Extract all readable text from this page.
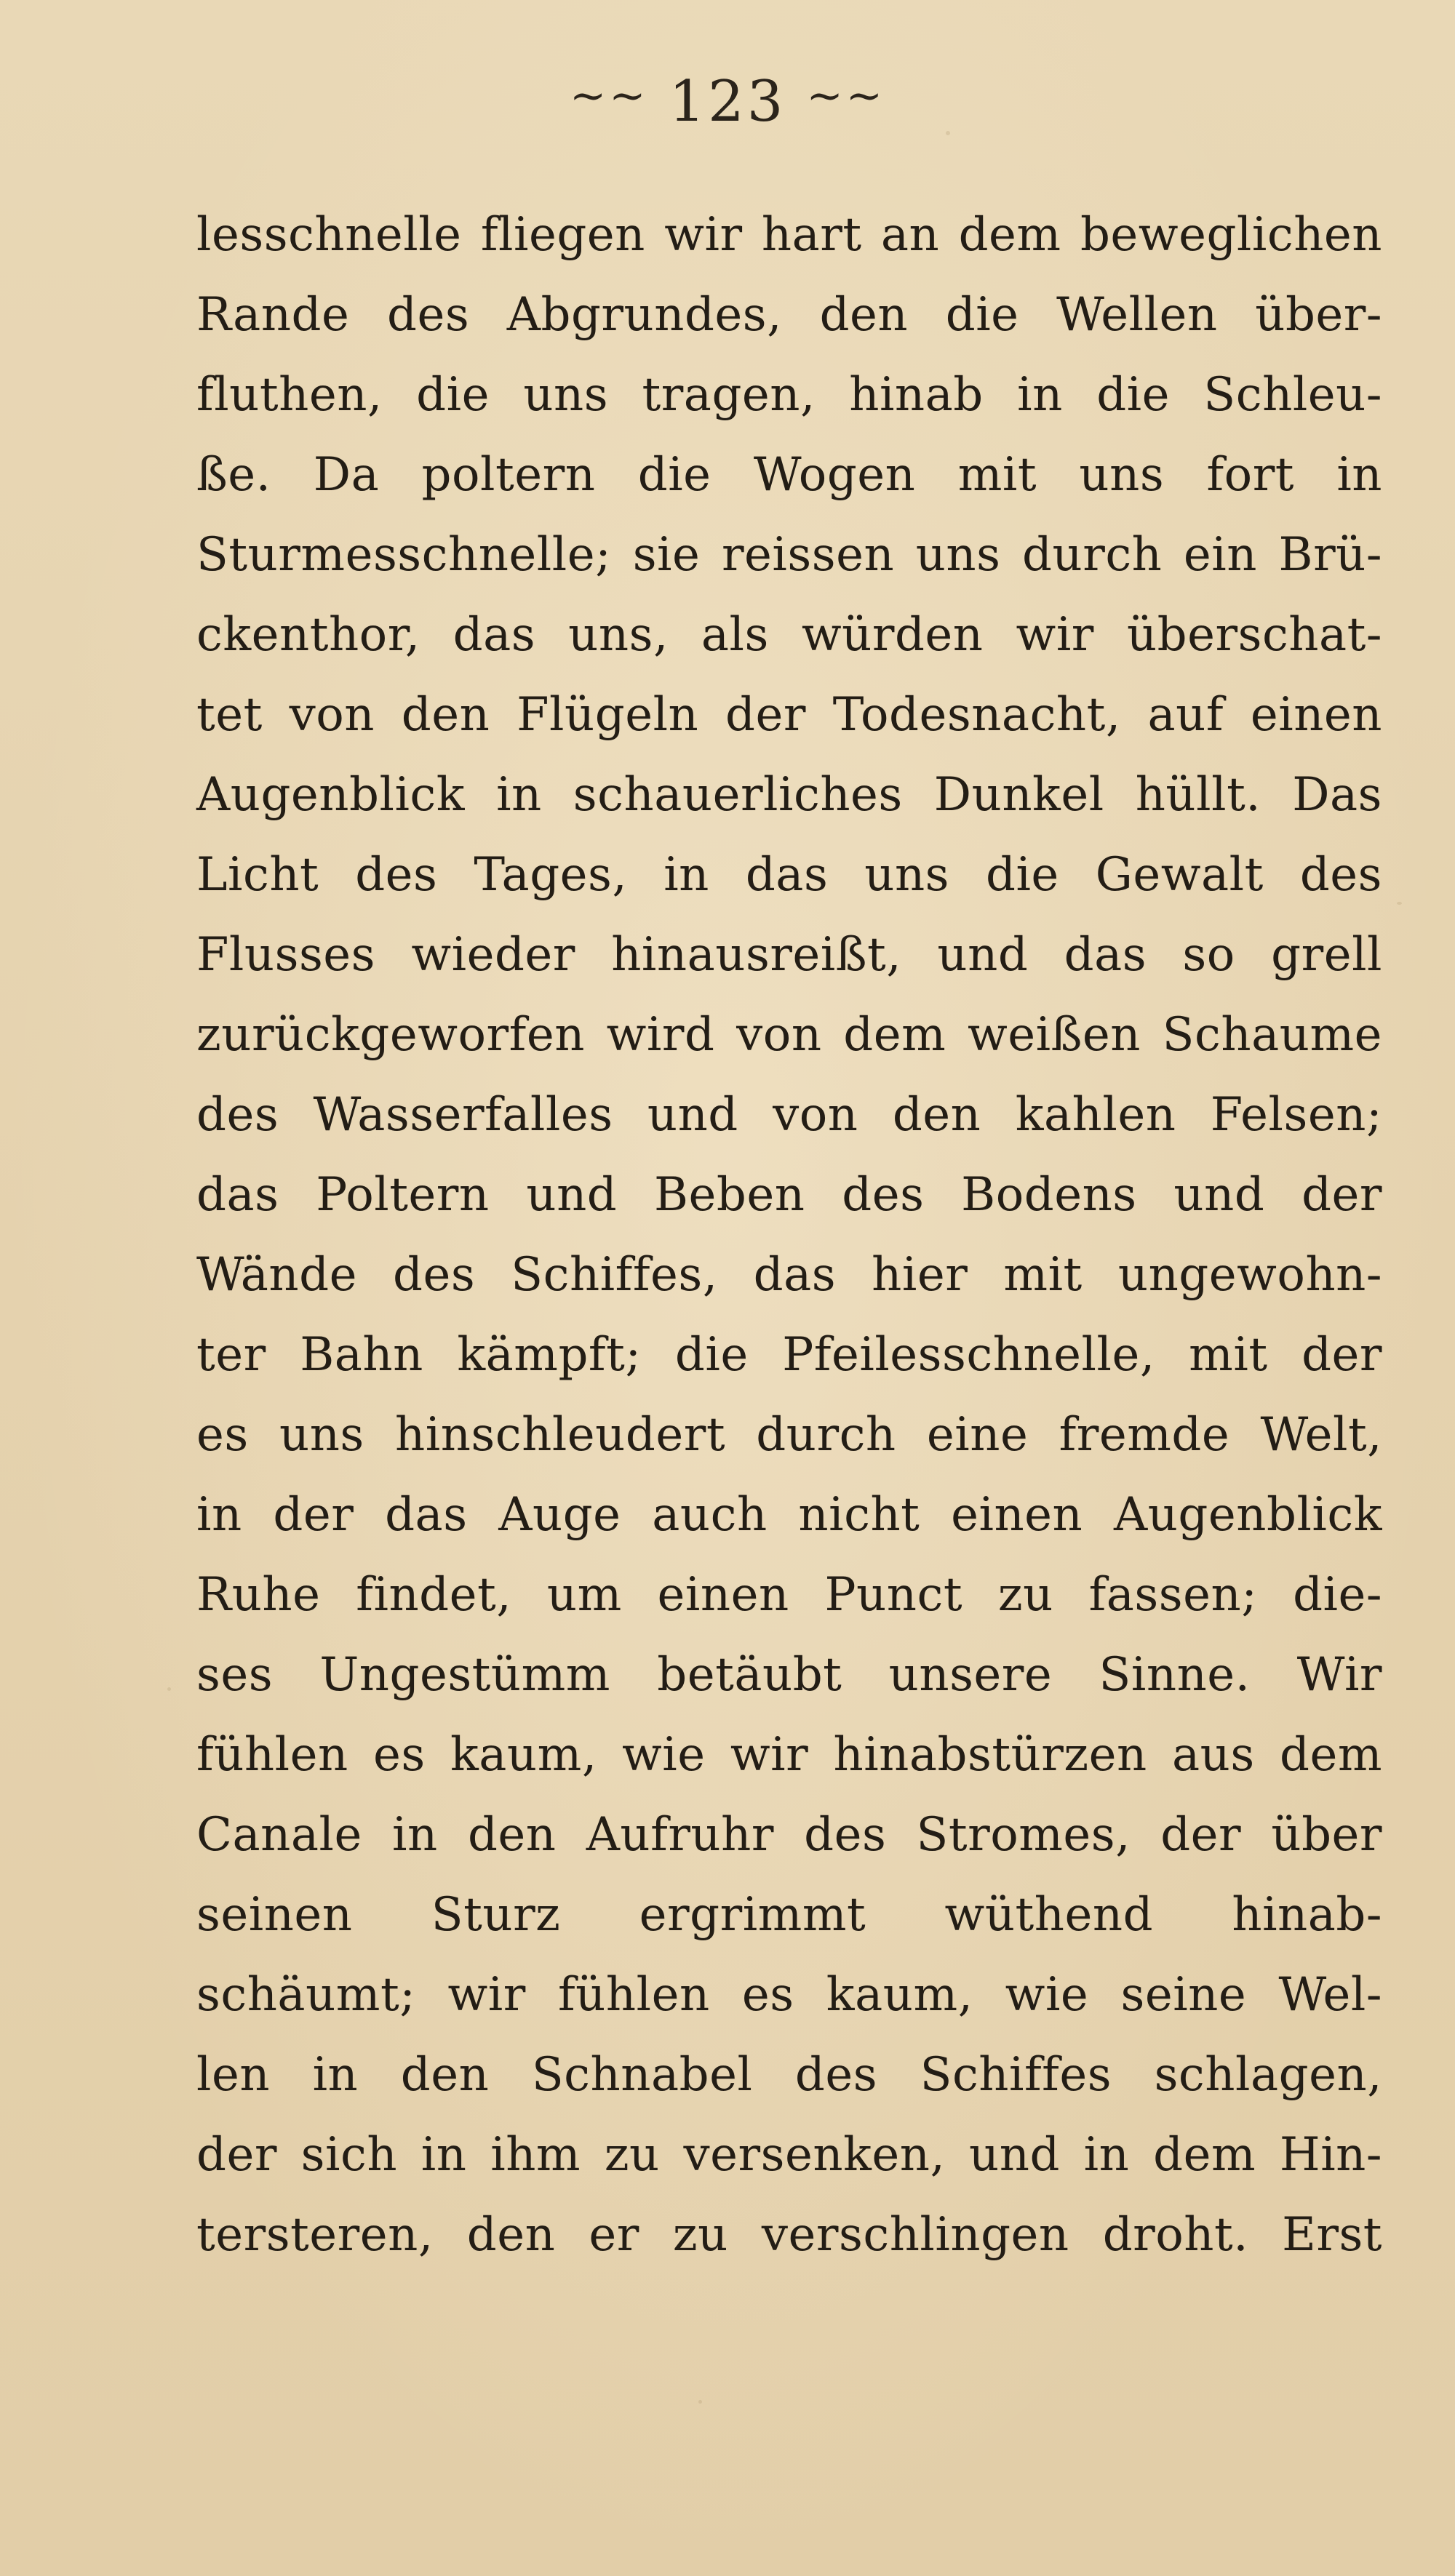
~~ 123 ~~
lesschnelle fliegen wir hart an dem beweglichen
Rande des Abgrundes, den die Wellen über-
fluthen, die uns tragen, hinab in die Schleu-
ße. Da poltern die Wogen mit uns fort in
Sturmesschnelle; sie reissen uns durch ein Brü-
ckenthor, das uns, als würden wir überschat-
tet von den Flügeln der Todesnacht, auf einen
Augenblick in schauerliches Dunkel hüllt. Das
Licht des Tages, in das uns die Gewalt des
Flusses wieder hinausreißt, und das so grell
zurückgeworfen wird von dem weißen Schaume
des Wasserfalles und von den kahlen Felsen;
das Poltern und Beben des Bodens und der
Wände des Schiffes, das hier mit ungewohn-
ter Bahn kämpft; die Pfeilesschnelle, mit der
es uns hinschleudert durch eine fremde Welt,
in der das Auge auch nicht einen Augenblick
Ruhe findet, um einen Punct zu fassen; die-
ses Ungestümm betäubt unsere Sinne. Wir
fühlen es kaum, wie wir hinabstürzen aus dem
Canale in den Aufruhr des Stromes, der über
seinen Sturz ergrimmt wüthend hinab-
schäumt; wir fühlen es kaum, wie seine Wel-
len in den Schnabel des Schiffes schlagen,
der sich in ihm zu versenken, und in dem Hin-
tersteren, den er zu verschlingen droht. Erst
